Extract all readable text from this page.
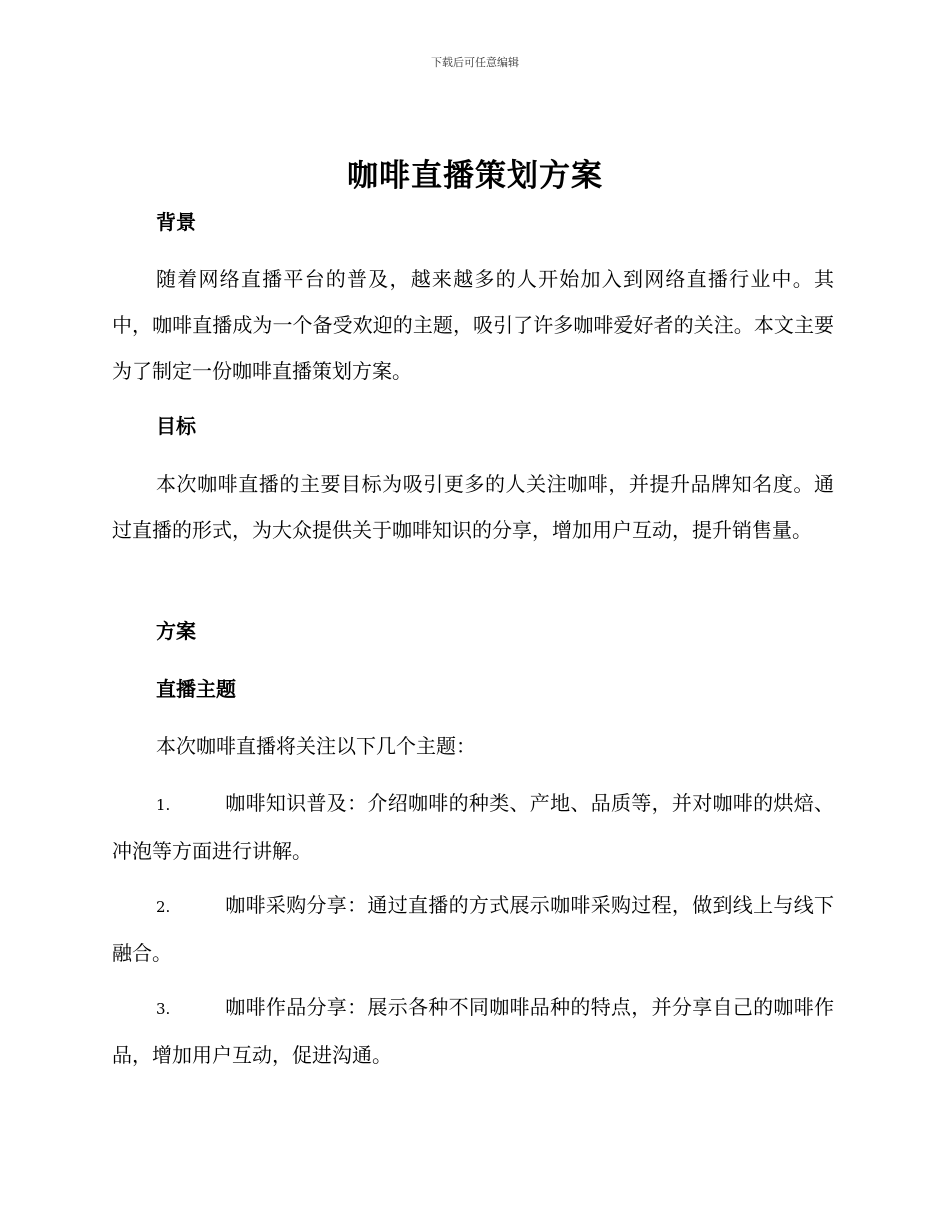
下载后可任意编辑
咖啡直播策划方案
背景

随着网络直播平台的普及，越来越多的人开始加入到网络直播行业中。其中，咖啡直播成为一个备受欢迎的主题，吸引了许多咖啡爱好者的关注。本文主要为了制定一份咖啡直播策划方案。

目标

本次咖啡直播的主要目标为吸引更多的人关注咖啡，并提升品牌知名度。通过直播的形式，为大众提供关于咖啡知识的分享，增加用户互动，提升销售量。

方案
直播主题

本次咖啡直播将关注以下几个主题：

1.	咖啡知识普及：介绍咖啡的种类、产地、品质等，并对咖啡的烘焙、冲泡等方面进行讲解。

2.	咖啡采购分享：通过直播的方式展示咖啡采购过程，做到线上与线下融合。

3.	咖啡作品分享：展示各种不同咖啡品种的特点，并分享自己的咖啡作品，增加用户互动，促进沟通。
